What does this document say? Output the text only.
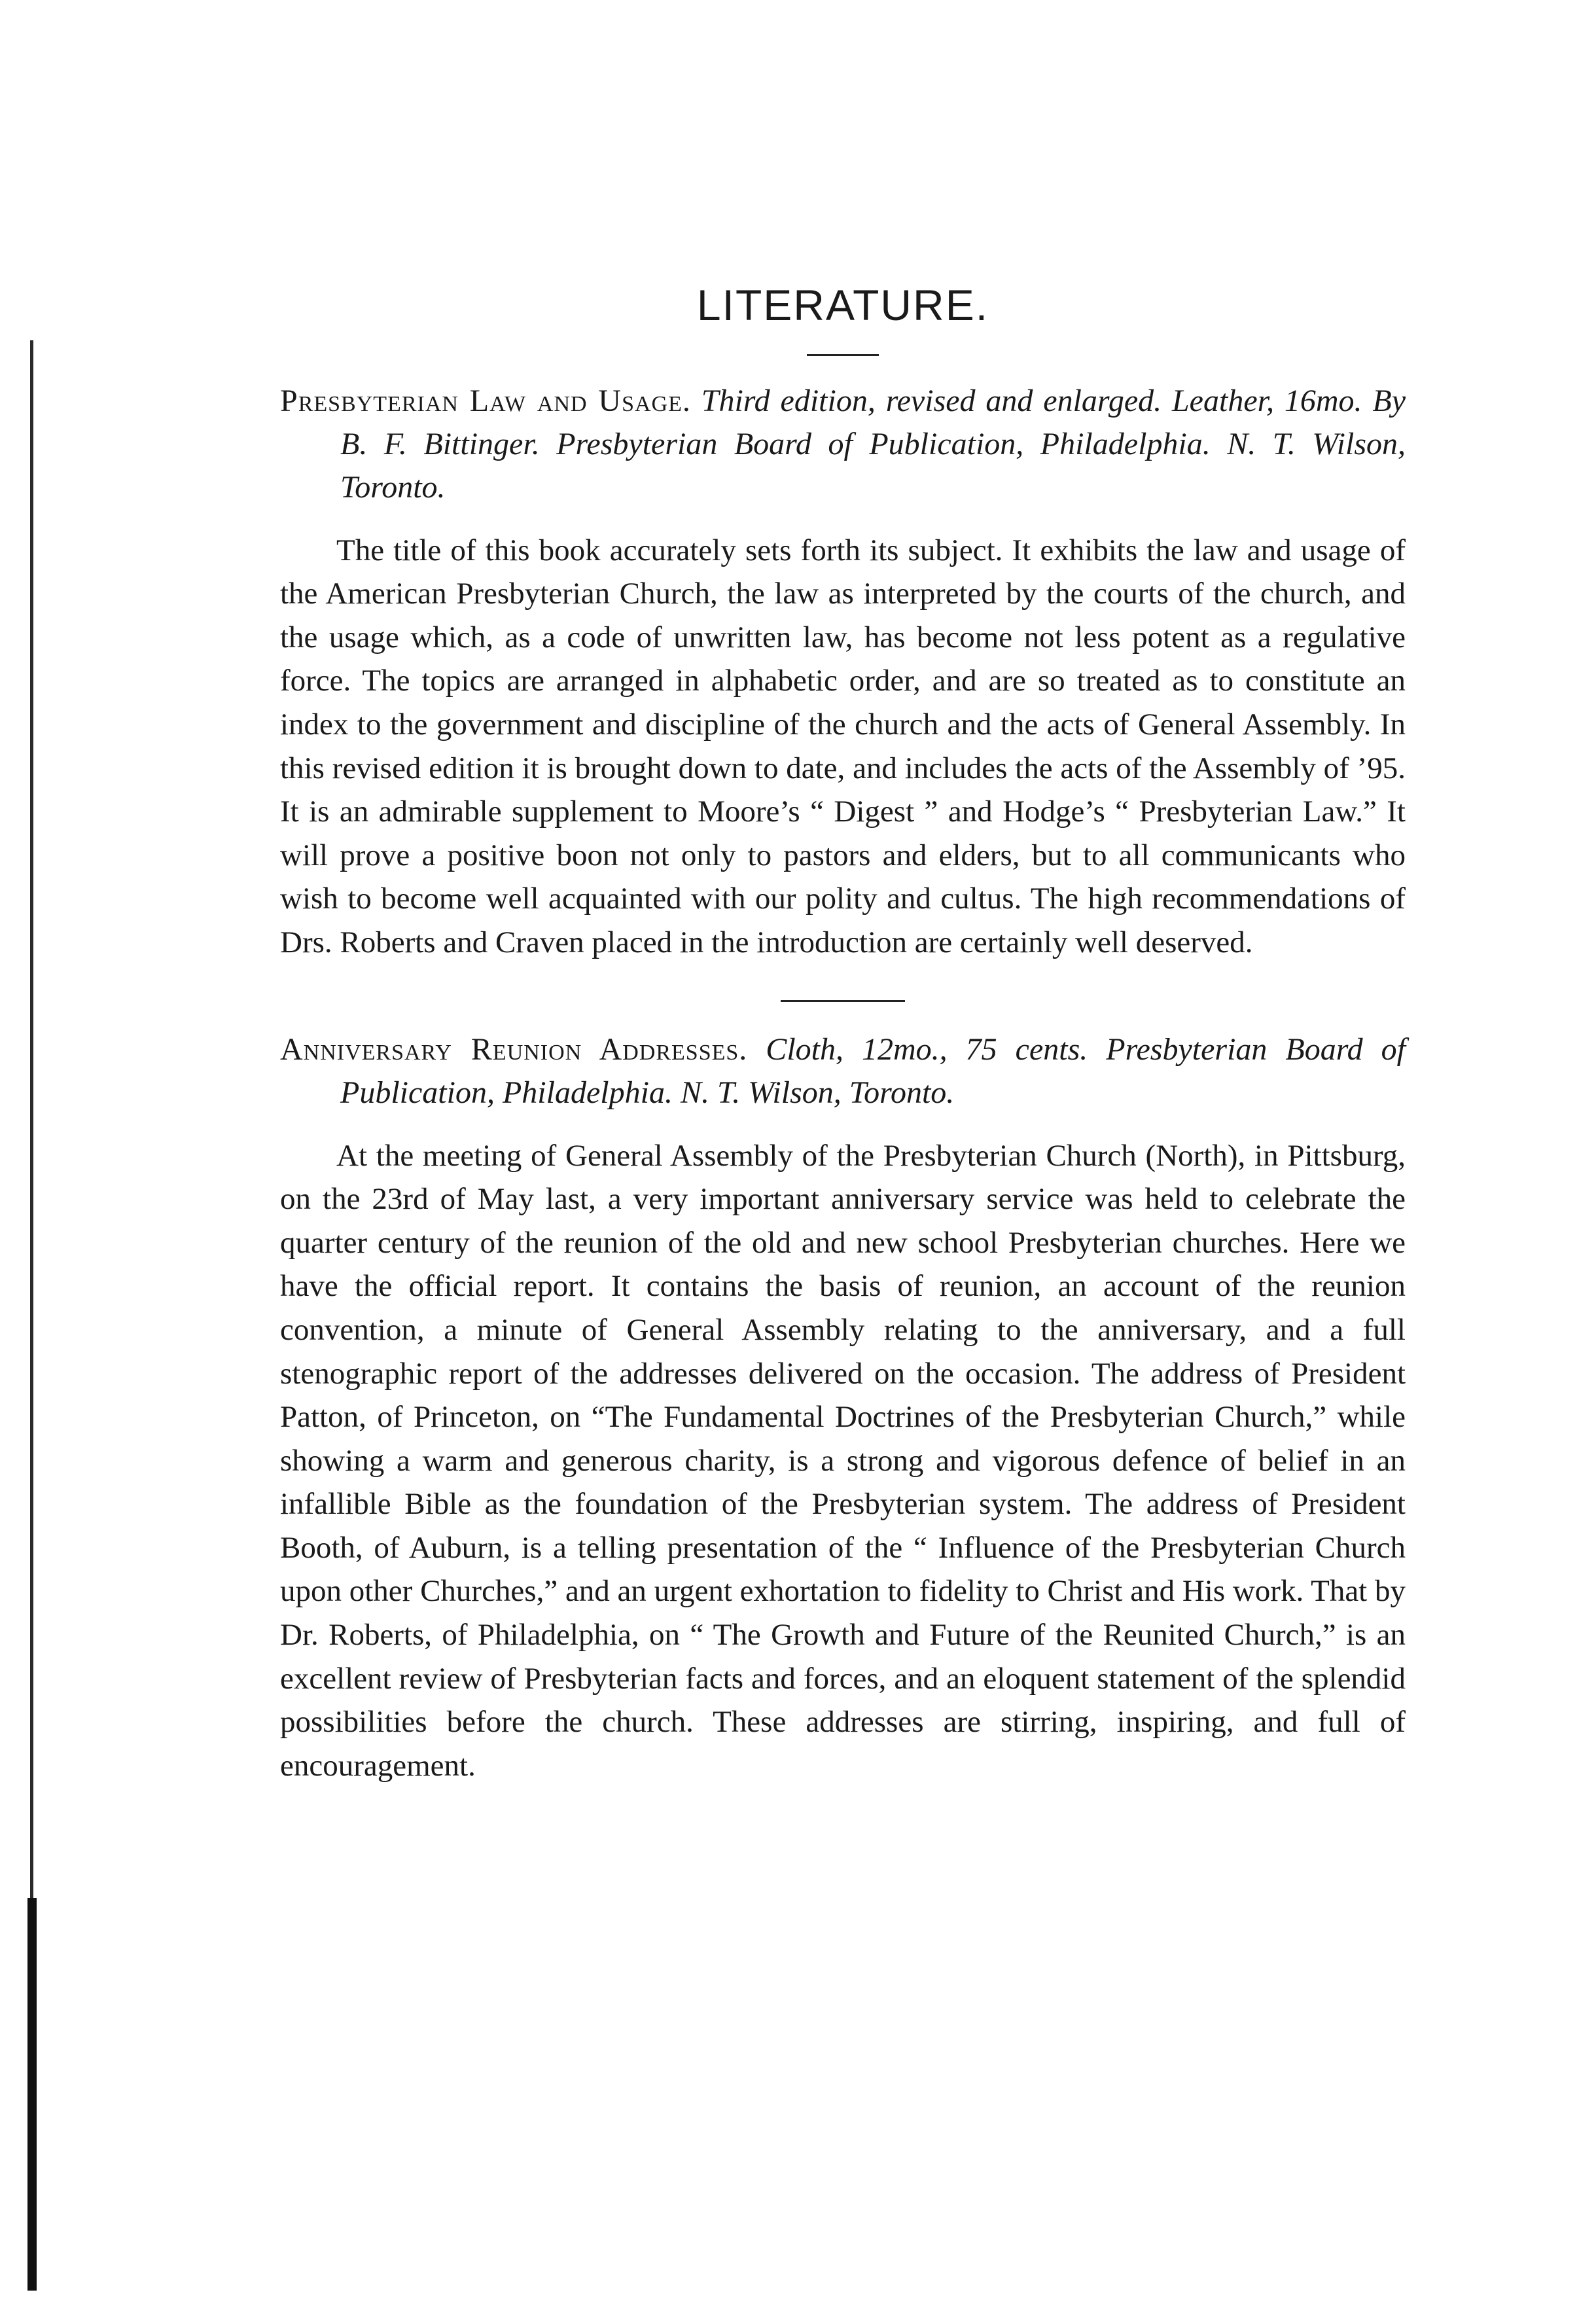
LITERATURE.

Presbyterian Law and Usage. Third edition, revised and enlarged. Leather, 16mo. By B. F. Bittinger. Presbyterian Board of Publication, Philadelphia. N. T. Wilson, Toronto.

The title of this book accurately sets forth its subject. It exhibits the law and usage of the American Presbyterian Church, the law as interpreted by the courts of the church, and the usage which, as a code of unwritten law, has become not less potent as a regulative force. The topics are arranged in alphabetic order, and are so treated as to constitute an index to the government and discipline of the church and the acts of General Assembly. In this revised edition it is brought down to date, and includes the acts of the Assembly of ’95. It is an admirable supplement to Moore’s “ Digest ” and Hodge’s “ Presbyterian Law.” It will prove a positive boon not only to pastors and elders, but to all communicants who wish to become well acquainted with our polity and cultus. The high recommendations of Drs. Roberts and Craven placed in the introduction are certainly well deserved.

Anniversary Reunion Addresses. Cloth, 12mo., 75 cents. Presbyterian Board of Publication, Philadelphia. N. T. Wilson, Toronto.

At the meeting of General Assembly of the Presbyterian Church (North), in Pittsburg, on the 23rd of May last, a very important anniversary service was held to celebrate the quarter century of the reunion of the old and new school Presbyterian churches. Here we have the official report. It contains the basis of reunion, an account of the reunion convention, a minute of General Assembly relating to the anniversary, and a full stenographic report of the addresses delivered on the occasion. The address of President Patton, of Princeton, on “The Fundamental Doctrines of the Presbyterian Church,” while showing a warm and generous charity, is a strong and vigorous defence of belief in an infallible Bible as the foundation of the Presbyterian system. The address of President Booth, of Auburn, is a telling presentation of the “ Influence of the Presbyterian Church upon other Churches,” and an urgent exhortation to fidelity to Christ and His work. That by Dr. Roberts, of Philadelphia, on “ The Growth and Future of the Reunited Church,” is an excellent review of Presbyterian facts and forces, and an eloquent statement of the splendid possibilities before the church. These addresses are stirring, inspiring, and full of encouragement.
